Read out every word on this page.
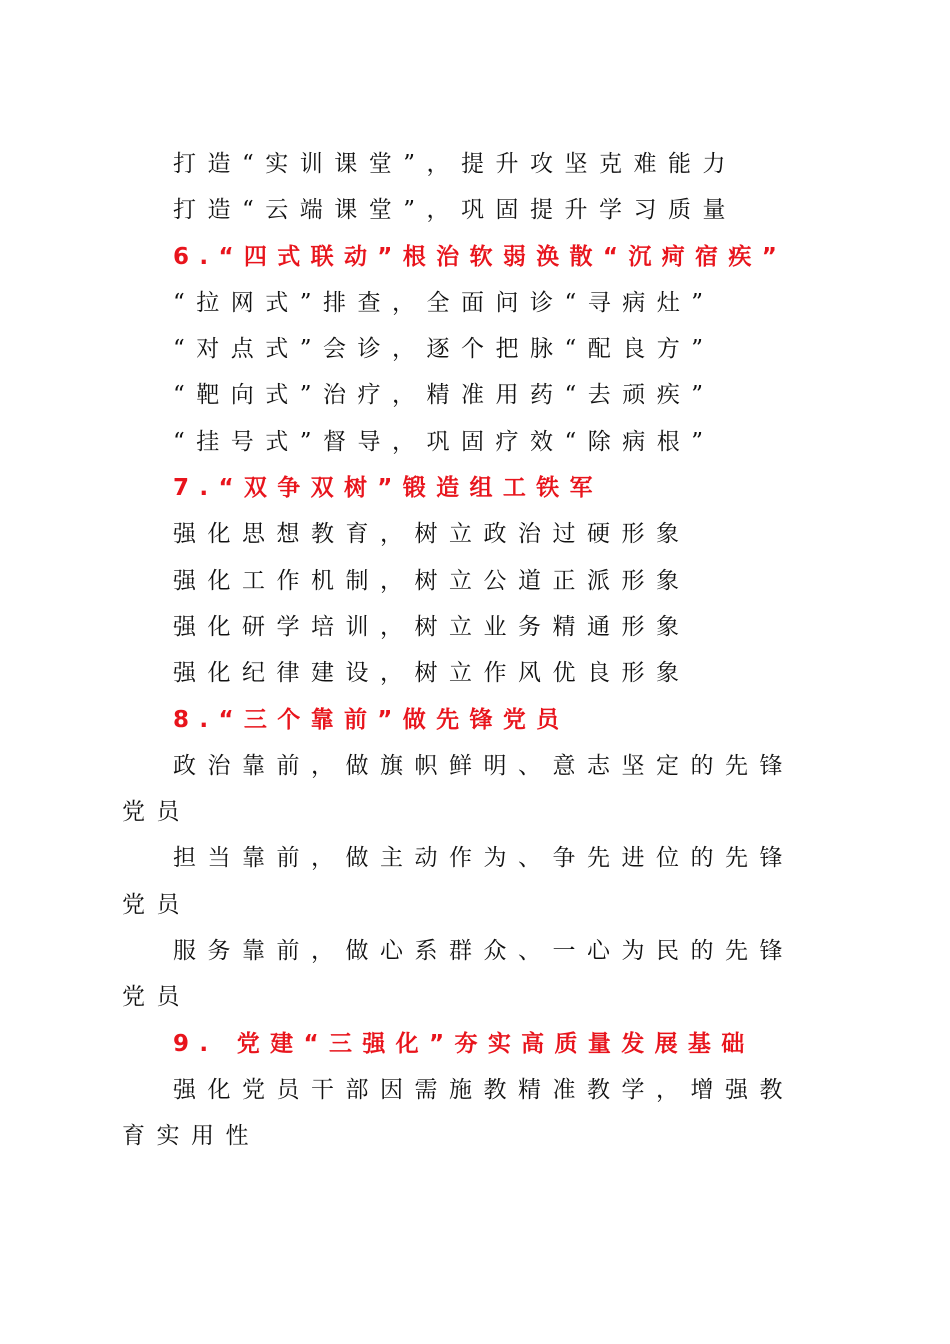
打造“实训课堂”，提升攻坚克难能力
打造“云端课堂”，巩固提升学习质量
6.“四式联动”根治软弱涣散“沉疴宿疾”
“拉网式”排查，全面问诊“寻病灶”
“对点式”会诊，逐个把脉“配良方”
“靶向式”治疗，精准用药“去顽疾”
“挂号式”督导，巩固疗效“除病根”
7.“双争双树”锻造组工铁军
强化思想教育，树立政治过硬形象
强化工作机制，树立公道正派形象
强化研学培训，树立业务精通形象
强化纪律建设，树立作风优良形象
8.“三个靠前”做先锋党员

政治靠前，做旗帜鲜明、意志坚定的先锋党员

担当靠前，做主动作为、争先进位的先锋党员

服务靠前，做心系群众、一心为民的先锋党员

9. 党建“三强化”夯实高质量发展基础

强化党员干部因需施教精准教学，增强教育实用性
